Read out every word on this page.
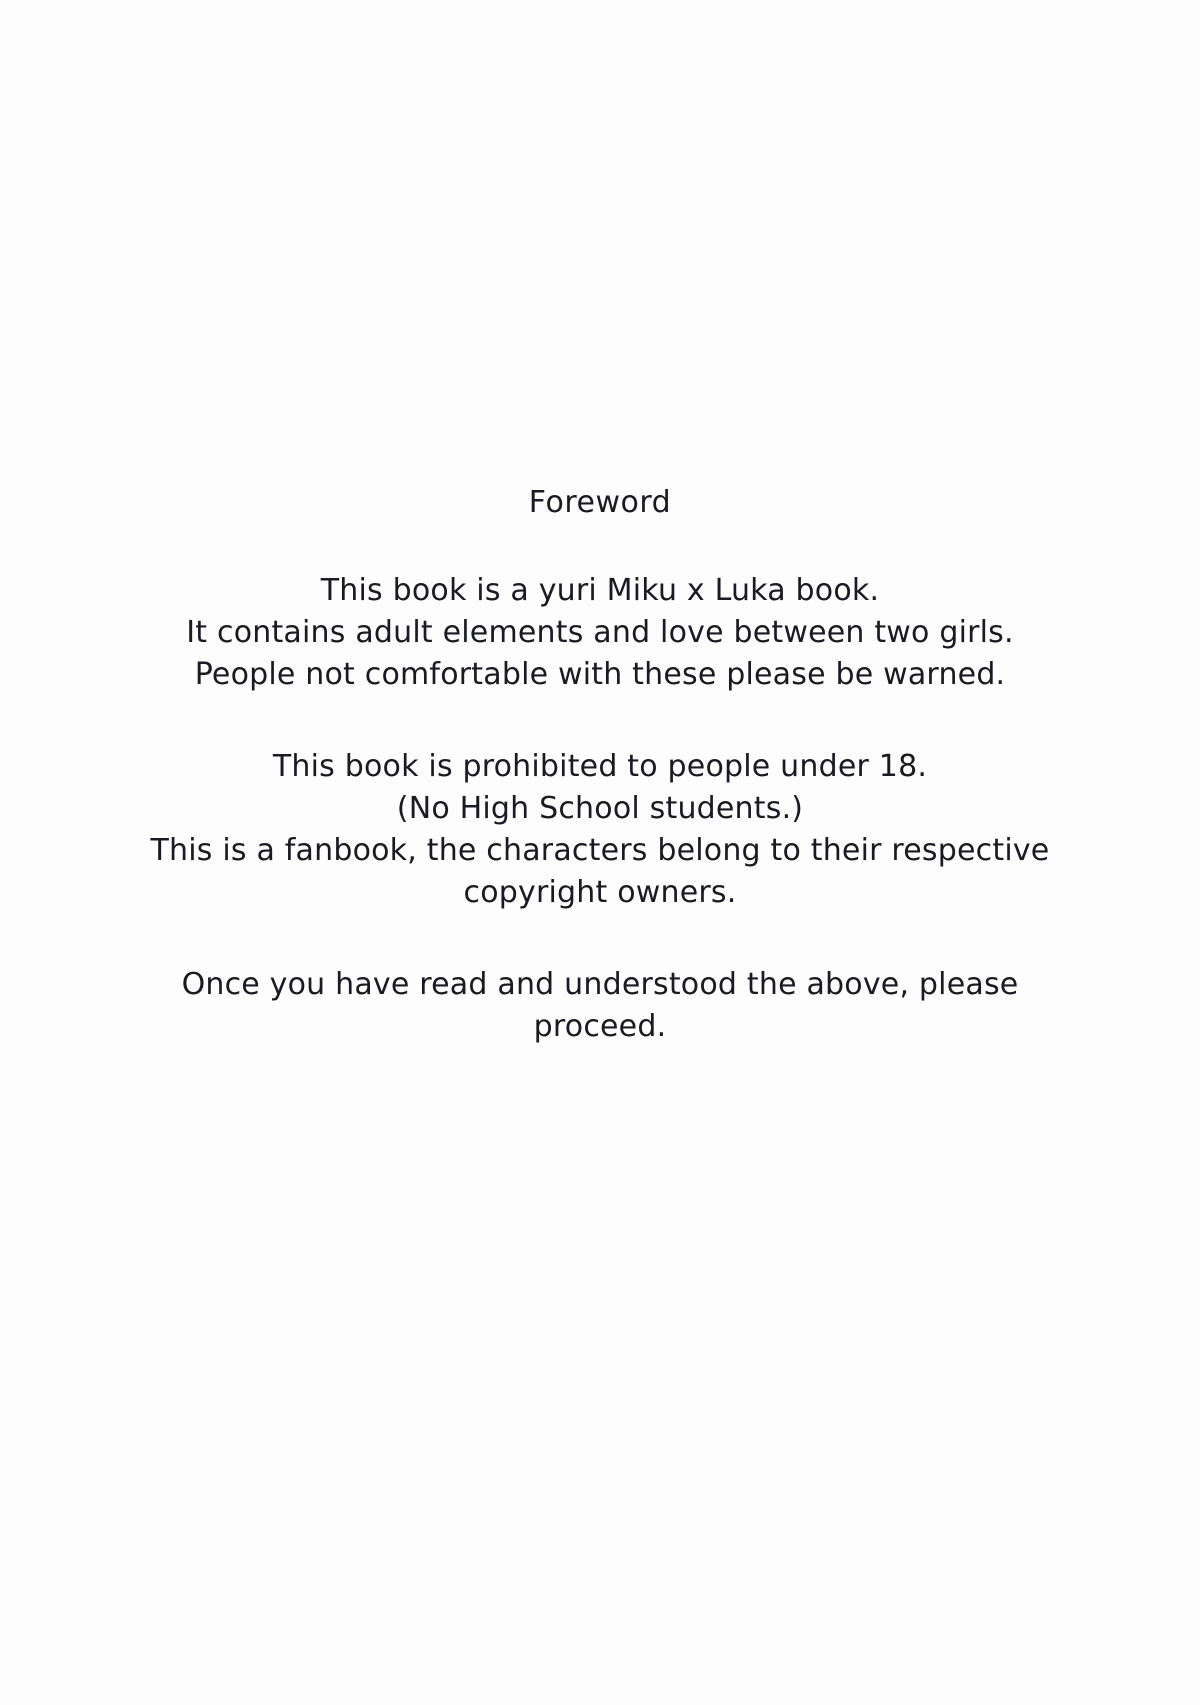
Foreword
This book is a yuri Miku x Luka book.
It contains adult elements and love between two girls.
People not comfortable with these please be warned.
This book is prohibited to people under 18.
(No High School students.)
This is a fanbook, the characters belong to their respective
copyright owners.
Once you have read and understood the above, please
proceed.
